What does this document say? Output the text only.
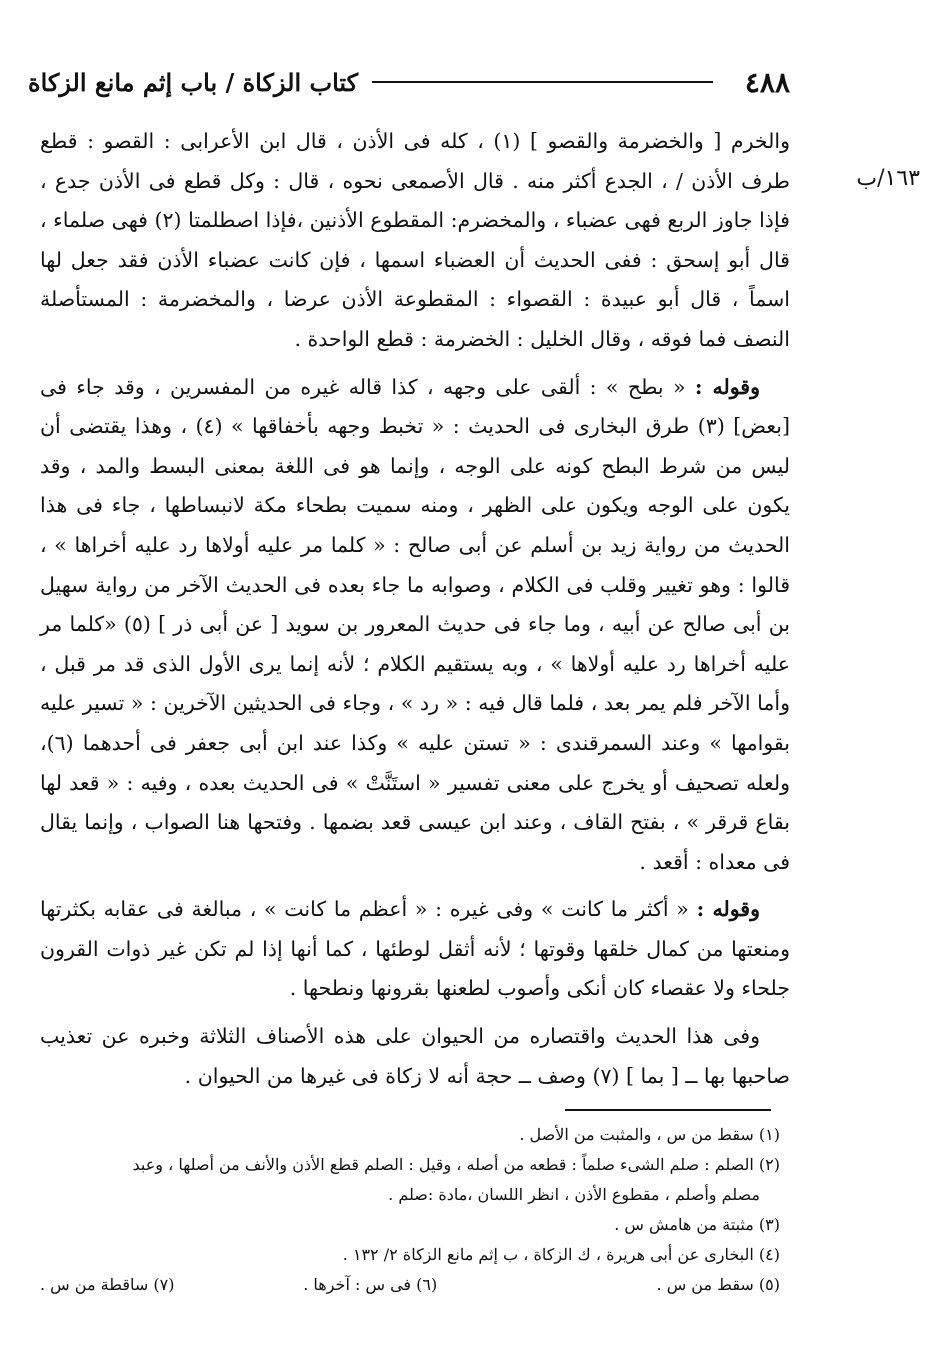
٤٨٨
كتاب الزكاة / باب إثم مانع الزكاة
١٦٣/ب

والخرم [ والخضرمة والقصو ] (١) ، كله فى الأذن ، قال ابن الأعرابى : القصو : قطع طرف الأذن / ، الجدع أكثر منه . قال الأصمعى نحوه ، قال : وكل قطع فى الأذن جدع ، فإذا جاوز الربع فهى عضباء ، والمخضرم: المقطوع الأذنين ،فإذا اصطلمتا (٢) فهى صلماء ، قال أبو إسحق : ففى الحديث أن العضباء اسمها ، فإن كانت عضباء الأذن فقد جعل لها اسماً ، قال أبو عبيدة : القصواء : المقطوعة الأذن عرضا ، والمخضرمة : المستأصلة النصف فما فوقه ، وقال الخليل : الخضرمة : قطع الواحدة .

وقوله : « بطح » : ألقى على وجهه ، كذا قاله غيره من المفسرين ، وقد جاء فى [بعض] (٣) طرق البخارى فى الحديث : « تخبط وجهه بأخفاقها » (٤) ، وهذا يقتضى أن ليس من شرط البطح كونه على الوجه ، وإنما هو فى اللغة بمعنى البسط والمد ، وقد يكون على الوجه ويكون على الظهر ، ومنه سميت بطحاء مكة لانبساطها ، جاء فى هذا الحديث من رواية زيد بن أسلم عن أبى صالح : « كلما مر عليه أولاها رد عليه أخراها » ، قالوا : وهو تغيير وقلب فى الكلام ، وصوابه ما جاء بعده فى الحديث الآخر من رواية سهيل بن أبى صالح عن أبيه ، وما جاء فى حديث المعرور بن سويد [ عن أبى ذر ] (٥) «كلما مر عليه أخراها رد عليه أولاها » ، وبه يستقيم الكلام ؛ لأنه إنما يرى الأول الذى قد مر قبل ، وأما الآخر فلم يمر بعد ، فلما قال فيه : « رد » ، وجاء فى الحديثين الآخرين : « تسير عليه بقوامها » وعند السمرقندى : « تستن عليه » وكذا عند ابن أبى جعفر فى أحدهما (٦)، ولعله تصحيف أو يخرج على معنى تفسير « استَنَّتْ » فى الحديث بعده ، وفيه : « قعد لها بقاع قرقر » ، بفتح القاف ، وعند ابن عيسى قعد بضمها . وفتحها هنا الصواب ، وإنما يقال فى معداه : أقعد .

وقوله : « أكثر ما كانت » وفى غيره : « أعظم ما كانت » ، مبالغة فى عقابه بكثرتها ومنعتها من كمال خلقها وقوتها ؛ لأنه أثقل لوطئها ، كما أنها إذا لم تكن غير ذوات القرون جلحاء ولا عقصاء كان أنكى وأصوب لطعنها بقرونها ونطحها .

وفى هذا الحديث واقتصاره من الحيوان على هذه الأصناف الثلاثة وخبره عن تعذيب صاحبها بها ــ [ بما ] (٧) وصف ــ حجة أنه لا زكاة فى غيرها من الحيوان .

(١) سقط من س ، والمثبت من الأصل .

(٢) الصلم : صلم الشىء صلماً : قطعه من أصله ، وقيل : الصلم قطع الأذن والأنف من أصلها ، وعبد

مصلم وأصلم ، مقطوع الأذن ، انظر اللسان ،مادة :صلم .

(٣) مثبتة من هامش س .

(٤) البخارى عن أبى هريرة ، ك الزكاة ، ب إثم مانع الزكاة ٢/ ١٣٢ .

(٥) سقط من س .

(٦) فى س : آخرها .

(٧) ساقطة من س .
